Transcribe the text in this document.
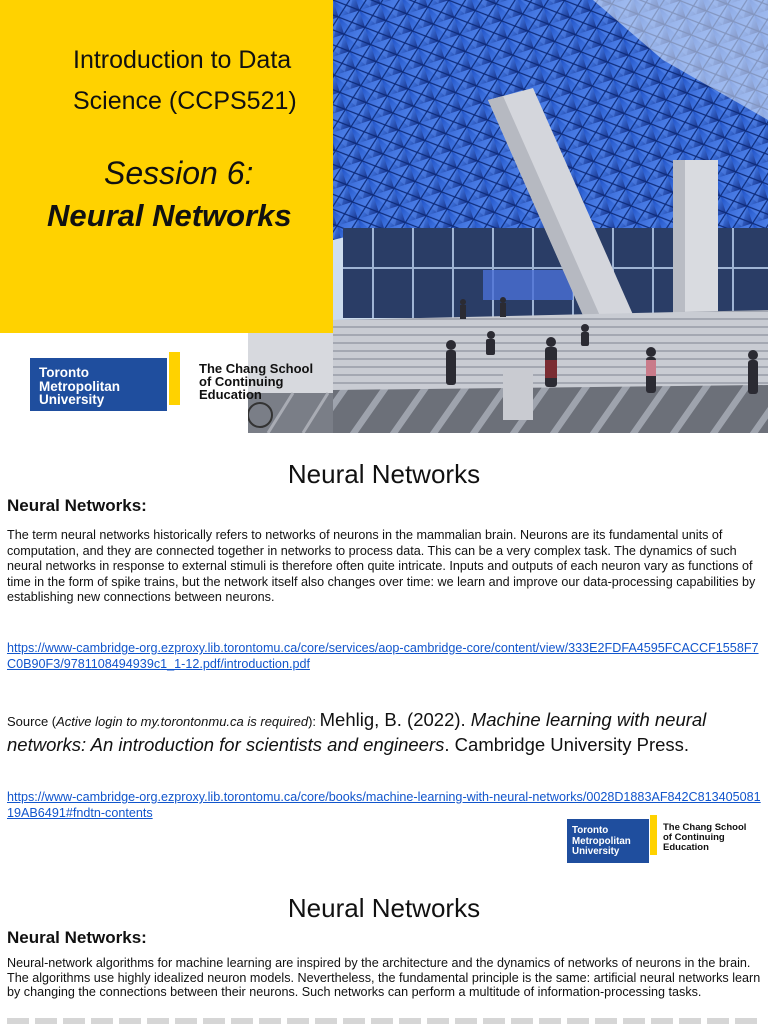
Introduction to Data Science (CCPS521)
Session 6:
Neural Networks
Toronto
Metropolitan
University
The Chang School
of Continuing
Education
Neural Networks
Neural Networks:

The term neural networks historically refers to networks of neurons in the mammalian brain. Neurons are its fundamental units of computation, and they are connected together in networks to process data. This can be a very complex task. The dynamics of such neural networks in response to external stimuli is therefore often quite intricate. Inputs and outputs of each neuron vary as functions of time in the form of spike trains, but the network itself also changes over time: we learn and improve our data-processing capabilities by establishing new connections between neurons.

https://www-cambridge-org.ezproxy.lib.torontomu.ca/core/services/aop-cambridge-core/content/view/333E2FDFA4595FCACCF1558F7C0B90F3/9781108494939c1_1-12.pdf/introduction.pdf
Source (Active login to my.torontonmu.ca is required): Mehlig, B. (2022). Machine learning with neural networks: An introduction for scientists and engineers. Cambridge University Press.
https://www-cambridge-org.ezproxy.lib.torontomu.ca/core/books/machine-learning-with-neural-networks/0028D1883AF842C81340508119AB6491#fndtn-contents
Toronto
Metropolitan
University
The Chang School
of Continuing
Education
Neural Networks
Neural Networks:

Neural-network algorithms for machine learning are inspired by the architecture and the dynamics of networks of neurons in the brain. The algorithms use highly idealized neuron models. Nevertheless, the fundamental principle is the same: artificial neural networks learn by changing the connections between their neurons. Such networks can perform a multitude of information-processing tasks.
